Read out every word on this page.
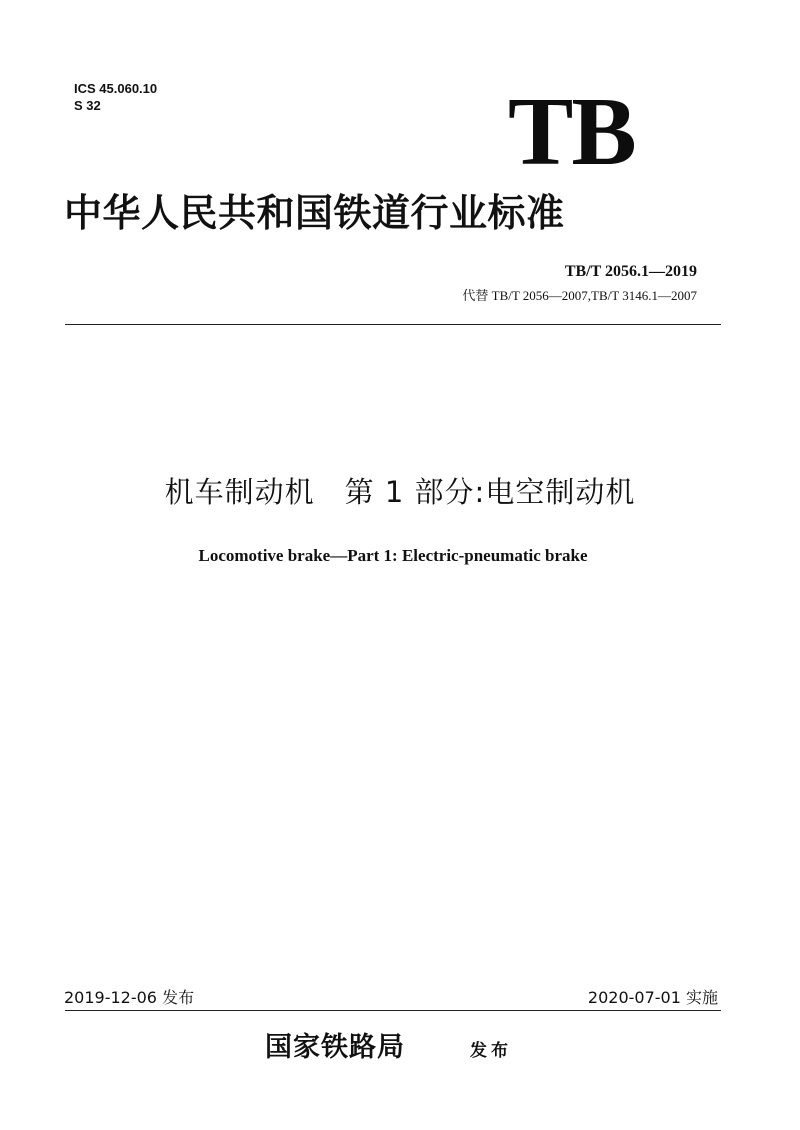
ICS 45.060.10
S 32	TB
中华人民共和国铁道行业标准
TB/T 2056.1—2019
代替 TB/T 2056—2007,TB/T 3146.1—2007
机车制动机　第 1 部分:电空制动机
Locomotive brake—Part 1: Electric-pneumatic brake
2019-12-06 发布	2020-07-01 实施
国家铁路局	发布
